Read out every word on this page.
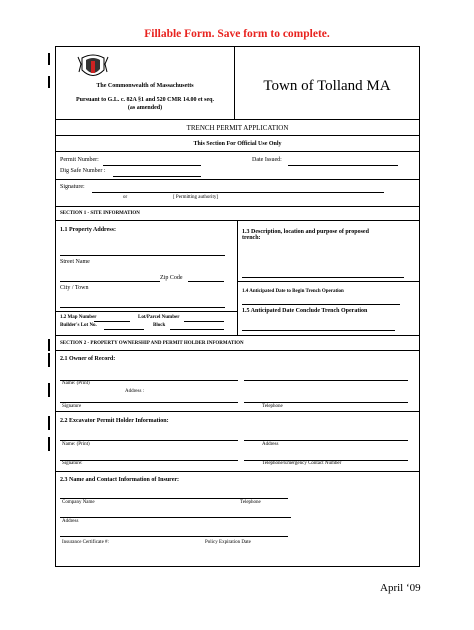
Fillable Form. Save form to complete.
The Commonwealth of Massachusetts
Pursuant to G.L. c. 82A §1 and 520 CMR 14.00 et seq.
(as amended)
Town of Tolland MA
TRENCH PERMIT APPLICATION
This Section For Official Use Only
Permit Number:
Dig Safe Number :
Date Issued:
Signature:
or	[ Permitting authority]
SECTION 1 - SITE INFORMATION
1.1 Property Address:
Street Name
Zip Code
City / Town
1.2 Map Number	Lot/Parcel Number
Builder's Lot No.	Block
1.3 Description, location and purpose of proposed
trench:
1.4 Anticipated Date to Begin Trench Operation
1.5 Anticipated Date Conclude Trench Operation
SECTION 2 - PROPERTY OWNERSHIP AND PERMIT HOLDER INFORMATION
2.1 Owner of Record:
Name: (Print)
Address :
Signature	Telephone
2.2 Excavator Permit Holder Information:
Name: (Print)	Address
Signature:	Telephone/Emergency Contact Number
2.3 Name and Contact Information of Insurer:
Company Name	Telephone
Address
Insurance Certificate #:	Policy Expiration Date
April ‘09
